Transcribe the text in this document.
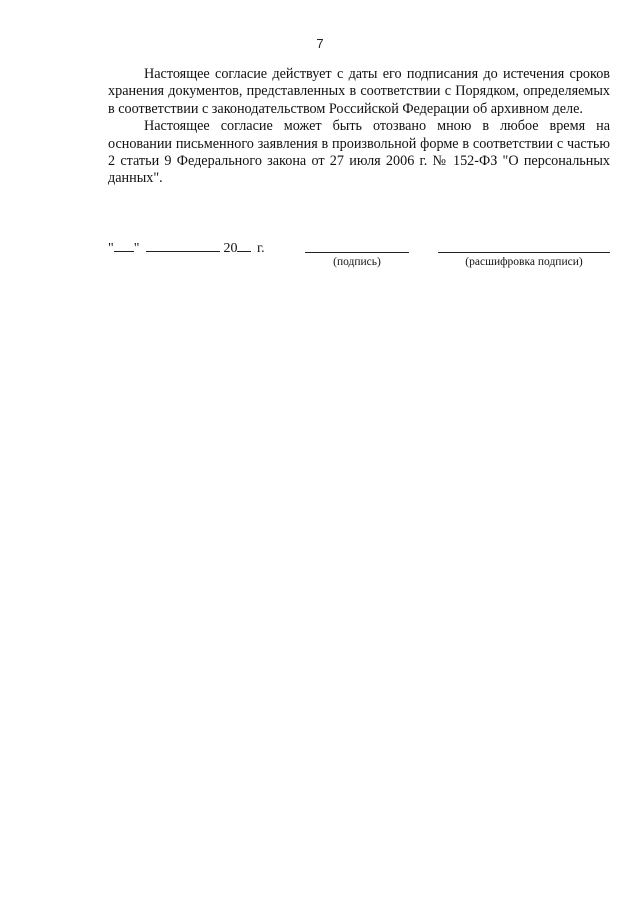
7

Настоящее согласие действует с даты его подписания до истечения сроков хранения документов, представленных в соответствии с Порядком, определяемых в соответствии с законодательством Российской Федерации об архивном деле.

Настоящее согласие может быть отозвано мною в любое время на основании письменного заявления в произвольной форме в соответствии с частью 2 статьи 9 Федерального закона от 27 июля 2006 г. № 152-ФЗ "О персональных данных".

" "	20 г.
(подпись)	(расшифровка подписи)
